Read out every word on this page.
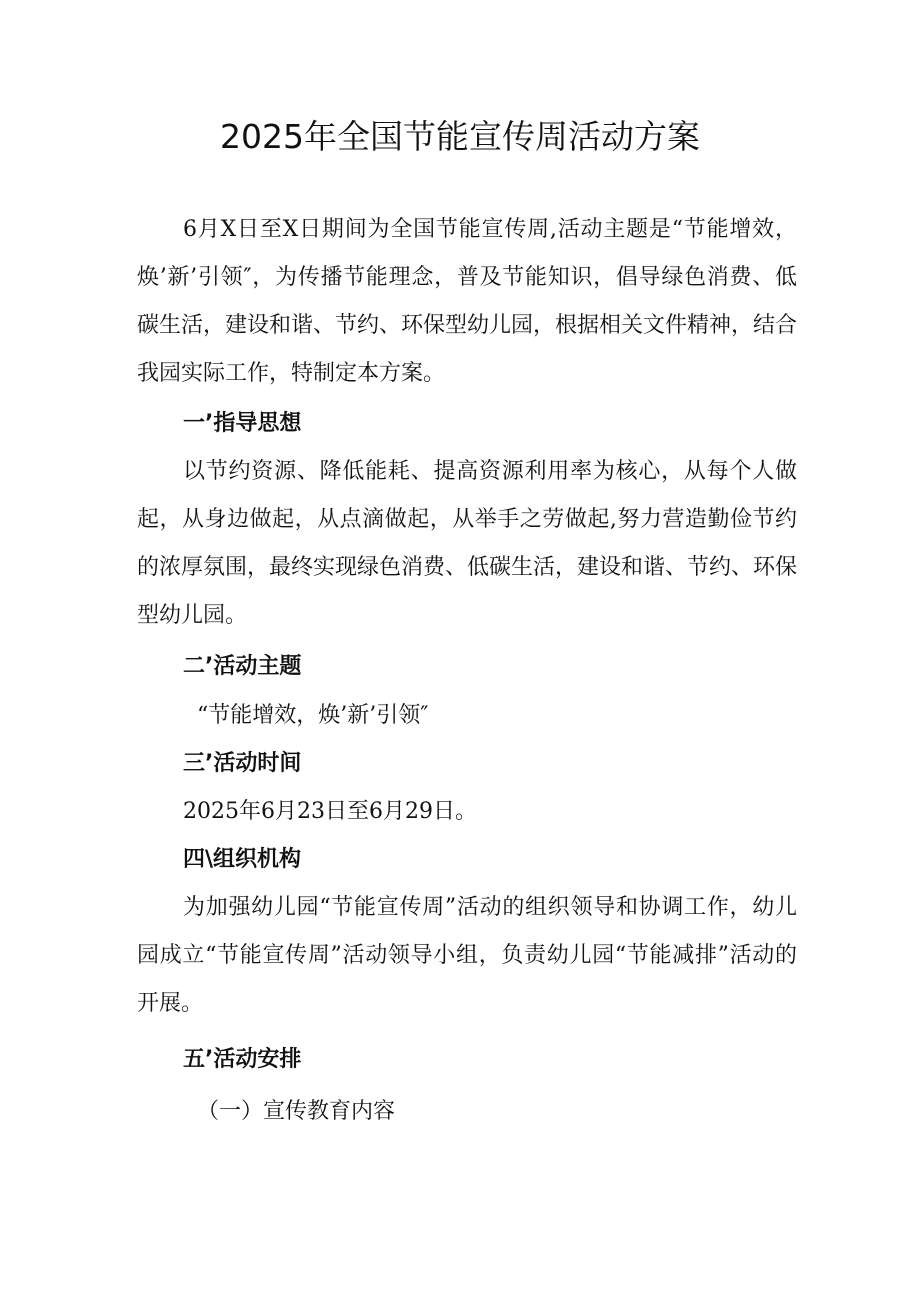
2025年全国节能宣传周活动方案

6月X日至X日期间为全国节能宣传周,活动主题是“节能增效，焕’新’引领″，为传播节能理念，普及节能知识，倡导绿色消费、低碳生活，建设和谐、节约、环保型幼儿园，根据相关文件精神，结合我园实际工作，特制定本方案。

一’指导思想

以节约资源、降低能耗、提高资源利用率为核心，从每个人做起，从身边做起，从点滴做起，从举手之劳做起,努力营造勤俭节约的浓厚氛围，最终实现绿色消费、低碳生活，建设和谐、节约、环保型幼儿园。

二’活动主题
“节能增效，焕’新’引领″
三’活动时间
2025年6月23日至6月29日。
四\组织机构

为加强幼儿园“节能宣传周”活动的组织领导和协调工作，幼儿园成立“节能宣传周”活动领导小组，负责幼儿园“节能减排”活动的开展。

五’活动安排
（一）宣传教育内容
